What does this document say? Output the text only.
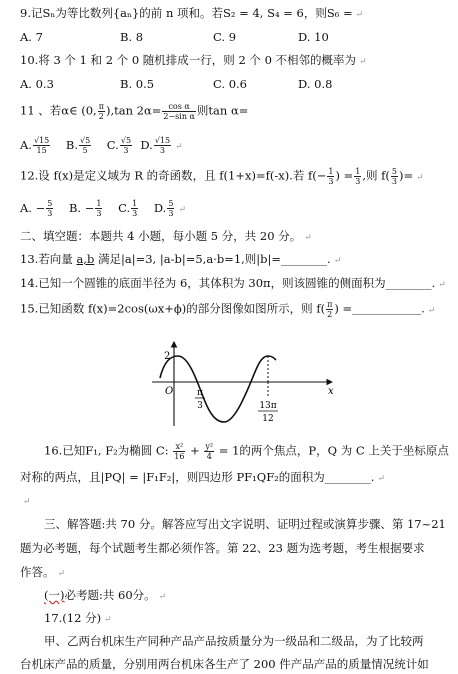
9.记Sₙ为等比数列{aₙ}的前 n 项和。若S₂ = 4, S₄ = 6，则S₆ = ↵
A. 7	B. 8	C. 9	D. 10
10.将 3 个 1 和 2 个 0 随机排成一行，则 2 个 0 不相邻的概率为 ↵
A. 0.3	B. 0.5	C. 0.6	D. 0.8
11 、若α∈ (0, $\frac{\pi}{2} ),\tan$ $2\alpha= \frac{\text{cos α}}{\text{2−sin α}}$ 则tan α=
A. $\frac{√15}{15} B$. $\frac{√5}{5} C$. $\frac{√5}{3} D$. $\frac{√15}{3}$ ↵
12.设 f(x)是定义域为 R 的奇函数，且 f(1+x)=f(-x).若 $f(- \frac{1}{3}$ ) = $\frac{1}{3}$ ,则 $f( \frac{5}{3}$ )= ↵
A. − $\frac{5}{3} B$. − $\frac{1}{3} C$. $\frac{1}{3} D$. $\frac{5}{3}$ ↵
二、填空题：本题共 4 小题，每小题 5 分，共 20 分。 ↵
13.若向量 a,b 满足|a|=3, |a-b|=5,a·b=1,则|b|=________. ↵
14.已知一个圆锥的底面半径为 6，其体积为 30π，则该圆锥的侧面积为________. ↵
15.已知函数 f(x)=2cos(ωx+ϕ)的部分图像如图所示，则 $f( \frac{\pi}{2}$ ) =____________. ↵
2
O	x
π
3	13π
12
16.已知F₁, F₂为椭圆 C: $\frac{\text{x²}}{16} + \frac{\text{y²}}{4} = 1$的两个焦点，P，Q 为 C 上关于坐标原点
对称的两点，且|PQ| = |F₁F₂|，则四边形 PF₁QF₂的面积为________. ↵
↵
三、解答题:共 70 分。解答应写出文字说明、证明过程或演算步骤、第 17~21
题为必考题，每个试题考生都必须作答。第 22、23 题为选考题，考生根据要求
作答。 ↵
(一)必考题:共 60分。 ↵
17.(12 分) ↵
甲、乙两台机床生产同种产品产品按质量分为一级品和二级品，为了比较两
台机床产品的质量，分别用两台机床各生产了 200 件产品产品的质量情况统计如
